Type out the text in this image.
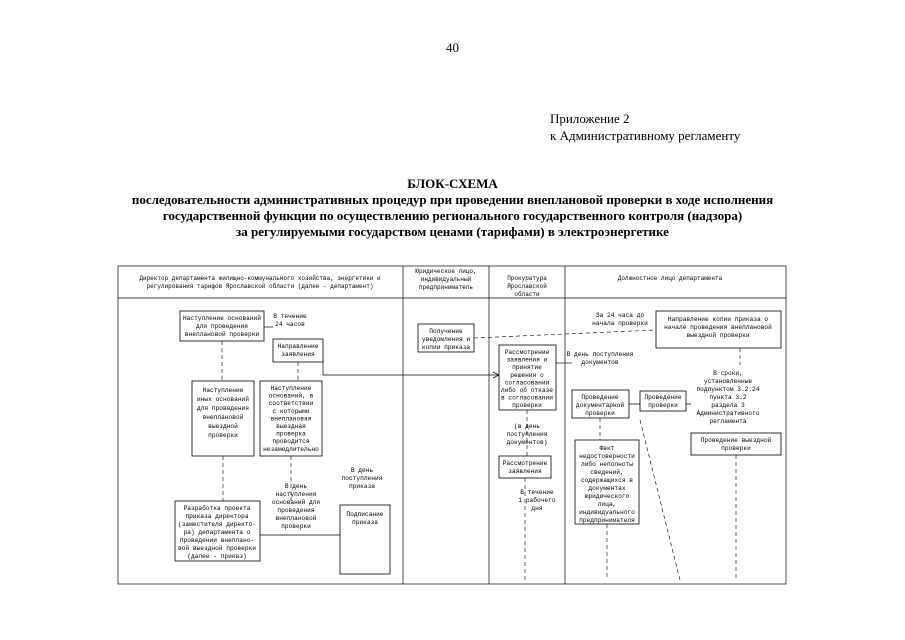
40
Приложение 2
к Административному регламенту
БЛОК-СХЕМА
последовательности административных процедур при проведении внеплановой проверки в ходе исполнения
государственной функции по осуществлению регионального государственного контроля (надзора)
за регулируемыми государством ценами (тарифами) в электроэнергетике
Директор департамента жилищно-коммунального хозяйства, энергетики и регулирования тарифов Ярославской области (далее - департамент)
Юридическое лицо, индивидуальный предприниматель
Прокуратура Ярославской области
Должностное лицо департамента
Наступление оснований для проведения внеплановой проверки
В течение 24 часов
Направление заявления
Наступление иных оснований для проведения внеплановой выездной проверки
Наступление оснований, в соответствии с которыми внеплановая выездная проверка проводится незамедлительно
В день поступления приказа
В день наступления оснований для проведения внеплановой проверки
Разработка проекта приказа директора (заместителя директо-ра) департамента о проведении внепланo-вой выездной проверки (далее - приказ)
Подписание приказа
Получение уведомления и копии приказа
Рассмотрение заявления и принятие решения о согласовании либо об отказе в согласовании проверки
(в день поступления документов)
Рассмотрение заявления
В течение 1 рабочего дня
За 24 часа до начала проверки
Направление копии приказа о начале проведения внеплановой выездной проверки
В день поступления документов
Проведение документарной проверки
Проведение проверки
В сроки, установленные подпунктом 3.2.24 пункта 3.2 раздела 3 Административного регламента
Проведение выездной проверки
Факт недостоверности либо неполноты сведений, содержащихся в документах юридического лица, индивидуального предпринимателя
